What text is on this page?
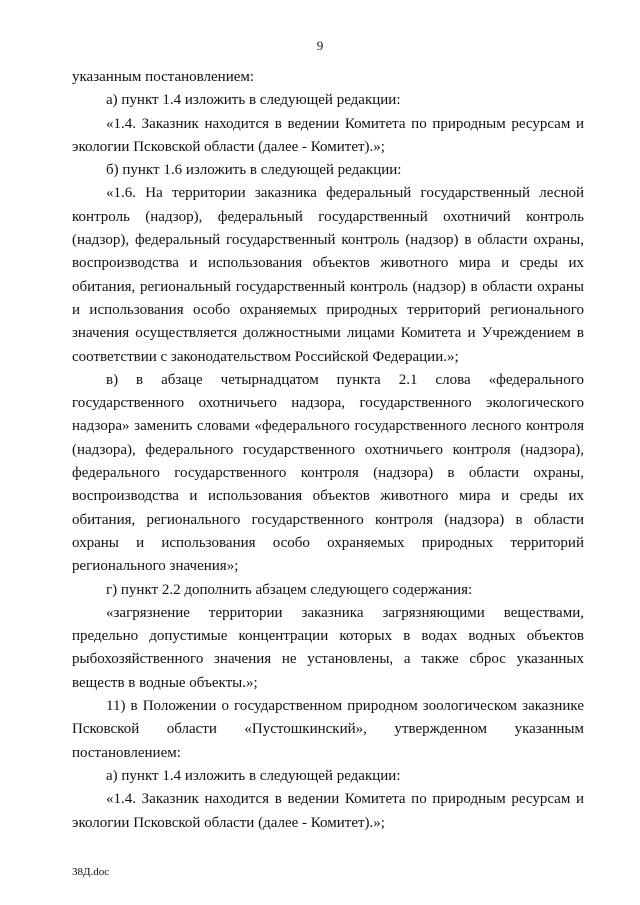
9

указанным постановлением:

а) пункт 1.4 изложить в следующей редакции:

«1.4. Заказник находится в ведении Комитета по природным ресурсам и экологии Псковской области (далее - Комитет).»;

б) пункт 1.6 изложить в следующей редакции:

«1.6. На территории заказника федеральный государственный лесной контроль (надзор), федеральный государственный охотничий контроль (надзор), федеральный государственный контроль (надзор) в области охраны, воспроизводства и использования объектов животного мира и среды их обитания, региональный государственный контроль (надзор) в области охраны и использования особо охраняемых природных территорий регионального значения осуществляется должностными лицами Комитета и Учреждением в соответствии с законодательством Российской Федерации.»;

в) в абзаце четырнадцатом пункта 2.1 слова «федерального государственного охотничьего надзора, государственного экологического надзора» заменить словами «федерального государственного лесного контроля (надзора), федерального государственного охотничьего контроля (надзора), федерального государственного контроля (надзора) в области охраны, воспроизводства и использования объектов животного мира и среды их обитания, регионального государственного контроля (надзора) в области охраны и использования особо охраняемых природных территорий регионального значения»;

г) пункт 2.2 дополнить абзацем следующего содержания:

«загрязнение территории заказника загрязняющими веществами, предельно допустимые концентрации которых в водах водных объектов рыбохозяйственного значения не установлены, а также сброс указанных веществ в водные объекты.»;

11) в Положении о государственном природном зоологическом заказнике Псковской области «Пустошкинский», утвержденном указанным постановлением:

а) пункт 1.4 изложить в следующей редакции:

«1.4. Заказник находится в ведении Комитета по природным ресурсам и экологии Псковской области (далее - Комитет).»;

38Д.doc
